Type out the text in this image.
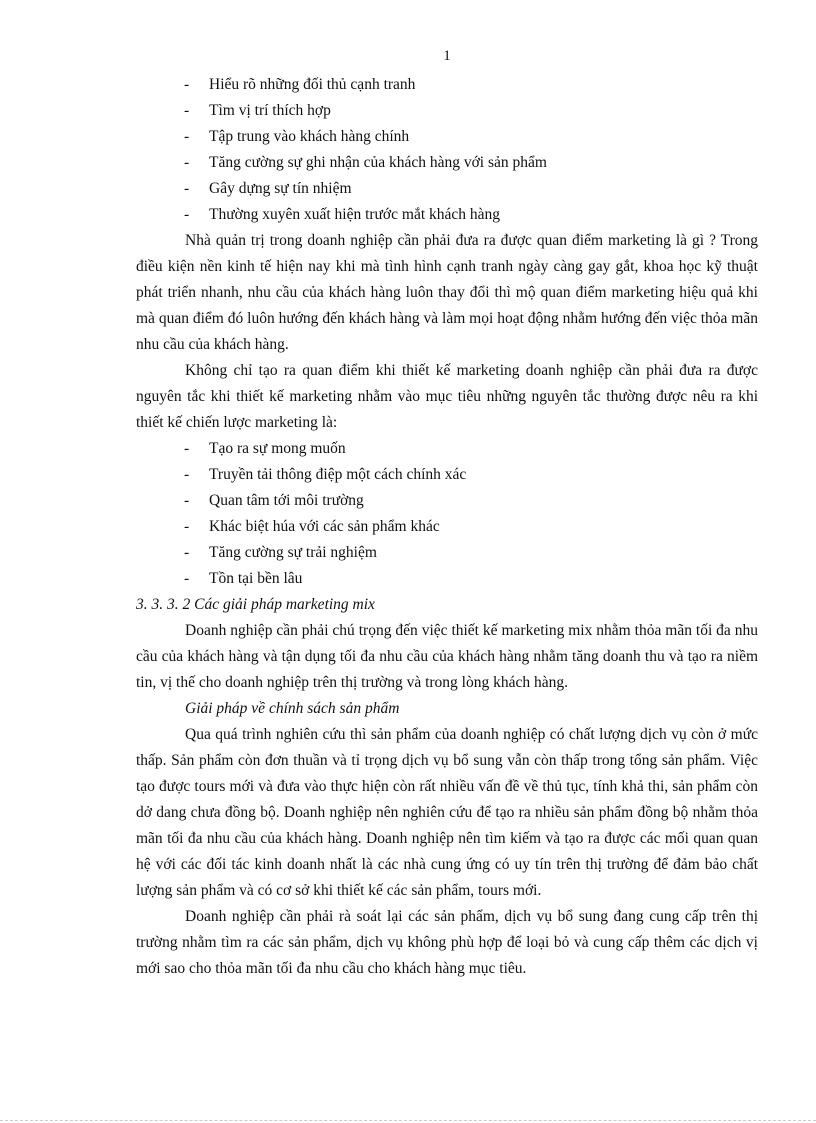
1
- Hiểu rõ những đối thủ cạnh tranh
- Tìm vị trí thích hợp
- Tập trung vào khách hàng chính
- Tăng cường sự ghi nhận của khách hàng với sản phẩm
- Gây dựng sự tín nhiệm
- Thường xuyên xuất hiện trước mắt khách hàng

Nhà quản trị trong doanh nghiệp cần phải đưa ra được quan điểm marketing là gì ? Trong điều kiện nền kinh tế hiện nay khi mà tình hình cạnh tranh ngày càng gay gắt, khoa học kỹ thuật phát triển nhanh, nhu cầu của khách hàng luôn thay đổi thì mộ quan điểm marketing hiệu quả khi mà quan điểm đó luôn hướng đến khách hàng và làm mọi hoạt động nhằm hướng đến việc thỏa mãn nhu cầu của khách hàng.

Không chỉ tạo ra quan điểm khi thiết kế marketing doanh nghiệp cần phải đưa ra được nguyên tắc khi thiết kế marketing nhằm vào mục tiêu những nguyên tắc thường được nêu ra khi thiết kế chiến lược marketing là:

- Tạo ra sự mong muốn
- Truyền tải thông điệp một cách chính xác
- Quan tâm tới môi trường
- Khác biệt húa với các sản phẩm khác
- Tăng cường sự trải nghiệm
- Tồn tại bền lâu

3. 3. 3. 2 Các giải pháp marketing mix

Doanh nghiệp cần phải chú trọng đến việc thiết kế marketing mix nhằm thỏa mãn tối đa nhu cầu của khách hàng và tận dụng tối đa nhu cầu của khách hàng nhằm tăng doanh thu và tạo ra niềm tin, vị thế cho doanh nghiệp trên thị trường và trong lòng khách hàng.

Giải pháp về chính sách sản phẩm

Qua quá trình nghiên cứu thì sản phẩm của doanh nghiệp có chất lượng dịch vụ còn ở mức thấp. Sản phẩm còn đơn thuần và tỉ trọng dịch vụ bổ sung vẫn còn thấp trong tổng sản phẩm. Việc tạo được tours mới và đưa vào thực hiện còn rất nhiều vấn đề về thủ tục, tính khả thi, sản phẩm còn dở dang chưa đồng bộ. Doanh nghiệp nên nghiên cứu để tạo ra nhiều sản phẩm đồng bộ nhằm thỏa mãn tối đa nhu cầu của khách hàng. Doanh nghiệp nên tìm kiếm và tạo ra được các mối quan quan hệ với các đối tác kinh doanh nhất là các nhà cung ứng có uy tín trên thị trường để đảm bảo chất lượng sản phẩm và có cơ sở khi thiết kế các sản phẩm, tours mới.

Doanh nghiệp cần phải rà soát lại các sản phẩm, dịch vụ bổ sung đang cung cấp trên thị trường nhằm tìm ra các sản phẩm, dịch vụ không phù hợp để loại bỏ và cung cấp thêm các dịch vị mới sao cho thỏa mãn tối đa nhu cầu cho khách hàng mục tiêu.
